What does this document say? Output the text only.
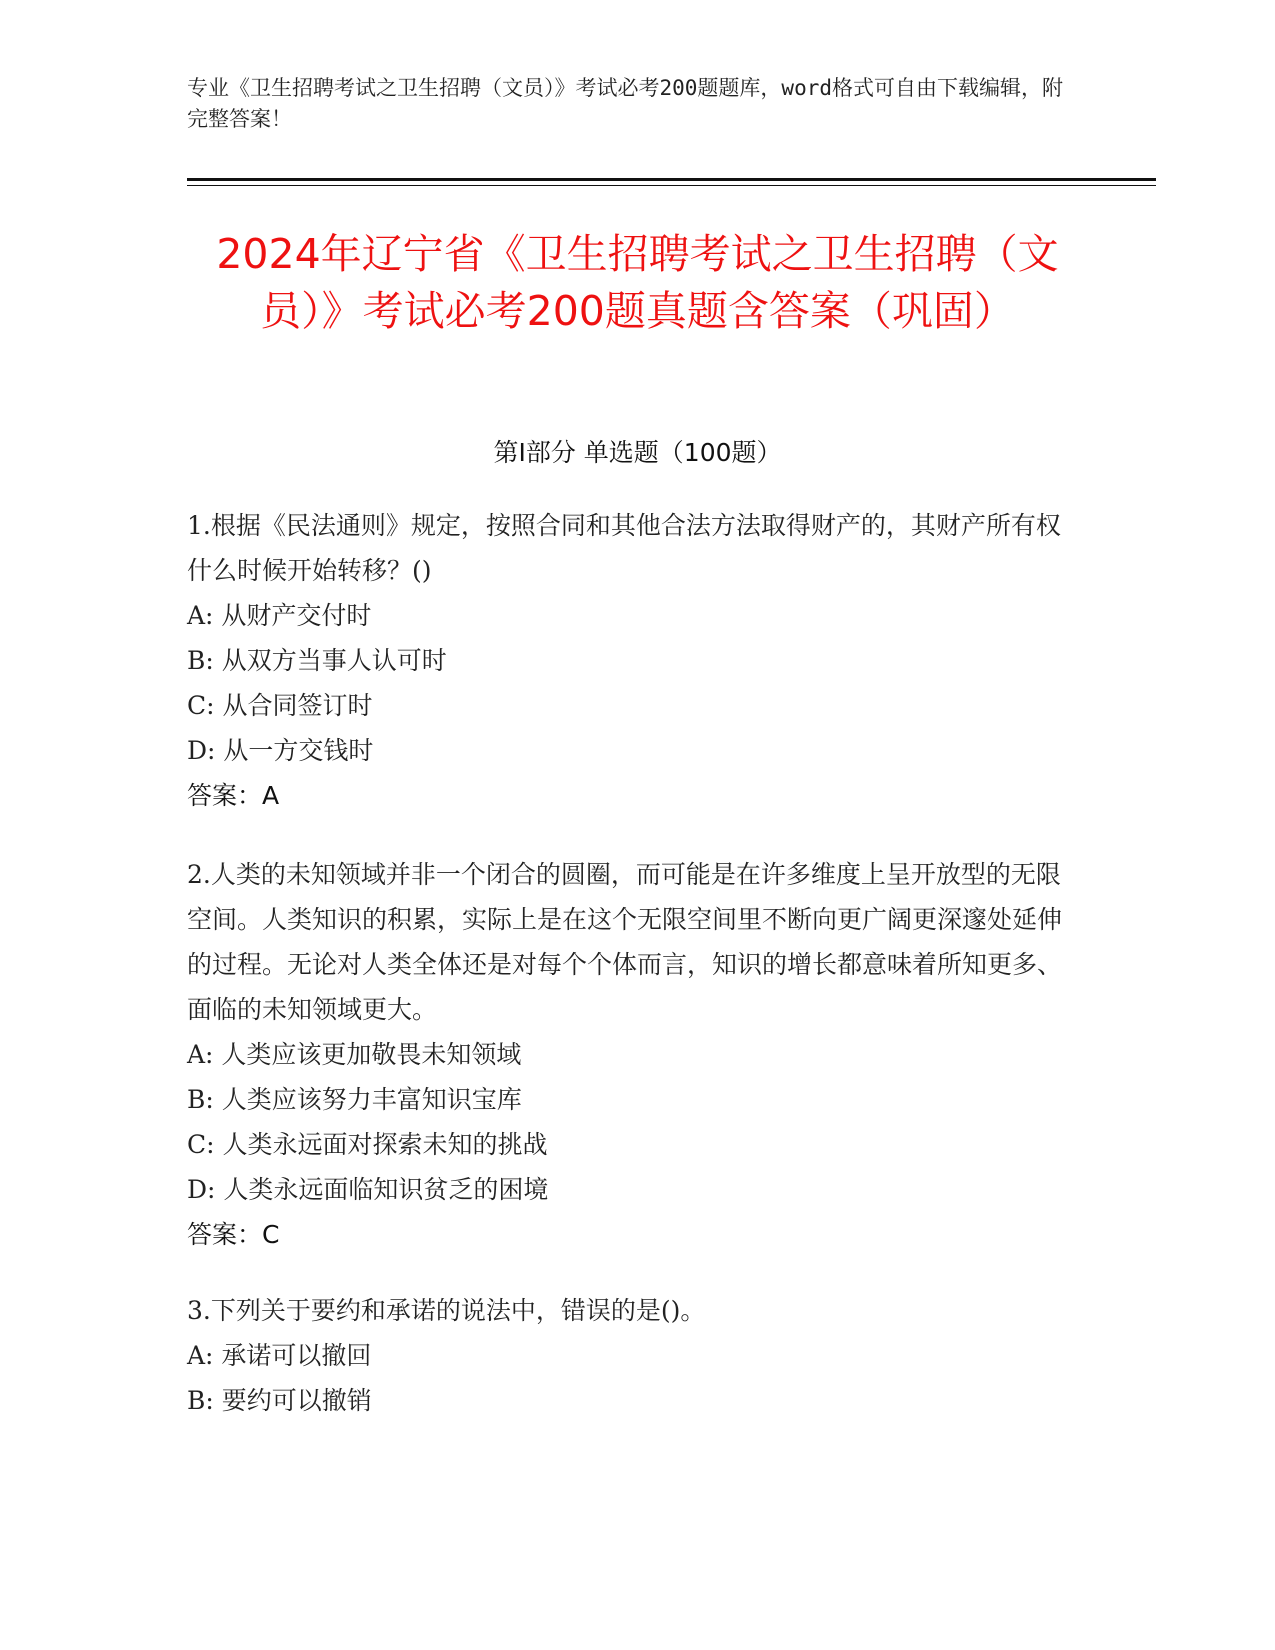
专业《卫生招聘考试之卫生招聘（文员）》考试必考200题题库，word格式可自由下载编辑，附完整答案！
2024年辽宁省《卫生招聘考试之卫生招聘（文员）》考试必考200题真题含答案（巩固）
第I部分 单选题（100题）

1.根据《民法通则》规定，按照合同和其他合法方法取得财产的，其财产所有权什么时候开始转移？()

A: 从财产交付时

B: 从双方当事人认可时

C: 从合同签订时

D: 从一方交钱时

答案：A

2.人类的未知领域并非一个闭合的圆圈，而可能是在许多维度上呈开放型的无限空间。人类知识的积累，实际上是在这个无限空间里不断向更广阔更深邃处延伸的过程。无论对人类全体还是对每个个体而言，知识的增长都意味着所知更多、面临的未知领域更大。

A: 人类应该更加敬畏未知领域

B: 人类应该努力丰富知识宝库

C: 人类永远面对探索未知的挑战

D: 人类永远面临知识贫乏的困境

答案：C

3.下列关于要约和承诺的说法中，错误的是()。

A: 承诺可以撤回

B: 要约可以撤销
